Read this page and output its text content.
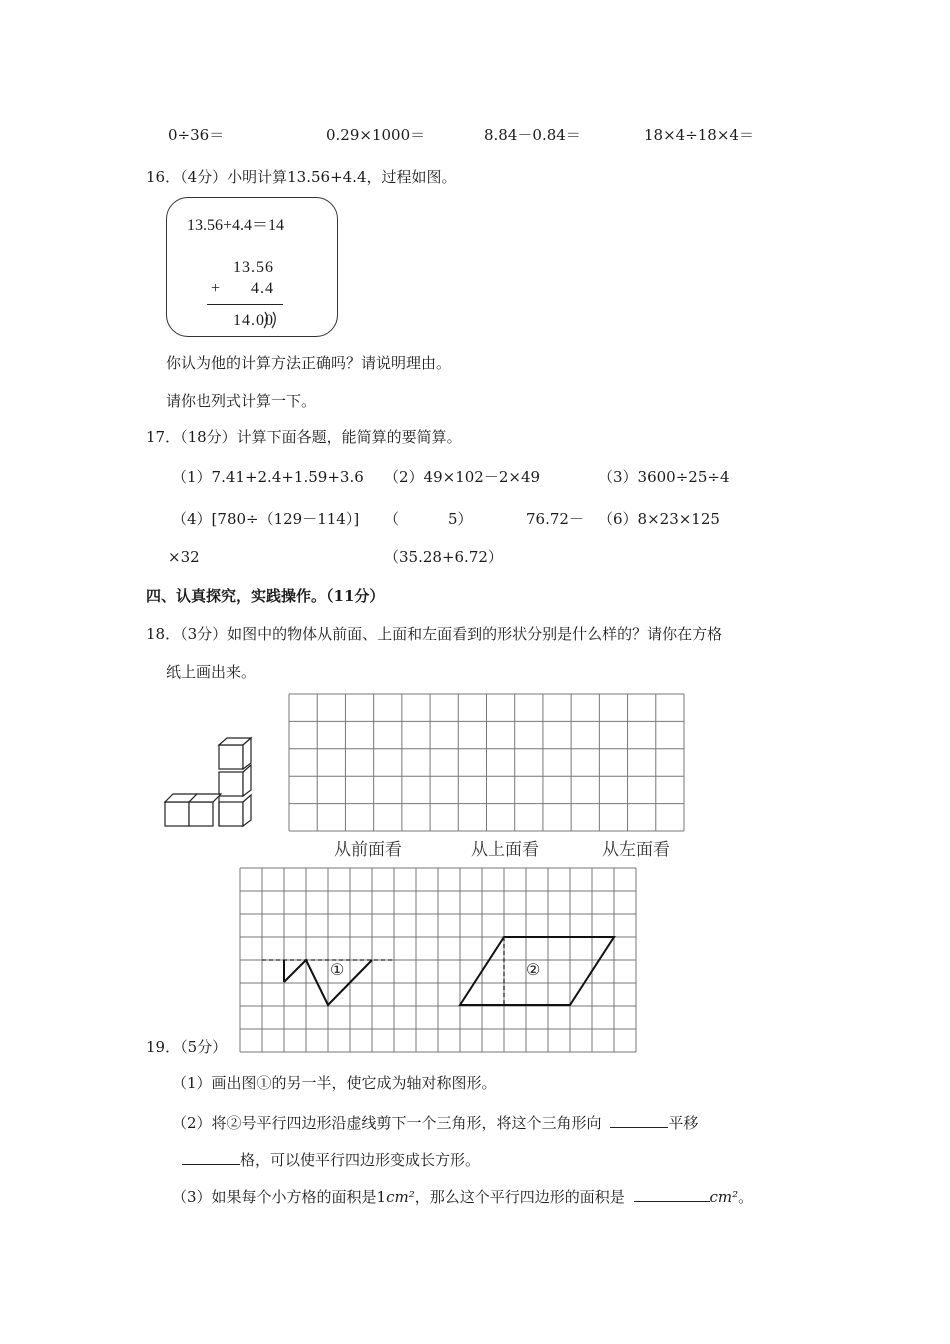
0÷36＝	0.29×1000＝	8.84－0.84＝	18×4÷18×4＝
16．（4分）小明计算13.56+4.4，过程如图。
13.56+4.4＝14
13.56
+ 4.4
14.00
你认为他的计算方法正确吗？请说明理由。
请你也列式计算一下。
17．（18分）计算下面各题，能简算的要简算。
（1）7.41+2.4+1.59+3.6 （2）49×102－2×49	（3）3600÷25÷4
（4）[780÷（129－114）] （	5）	76.72－ （6）8×23×125
×32	（35.28+6.72）
四、认真探究，实践操作。（11分）
18．（3分）如图中的物体从前面、上面和左面看到的形状分别是什么样的？请你在方格
纸上画出来。
从前面看	从上面看	从左面看
①	②
19．（5分）
（1）画出图①的另一半，使它成为轴对称图形。
（2）将②号平行四边形沿虚线剪下一个三角形，将这个三角形向	平移
格，可以使平行四边形变成长方形。
（3）如果每个小方格的面积是1cm²，那么这个平行四边形的面积是	cm²。
